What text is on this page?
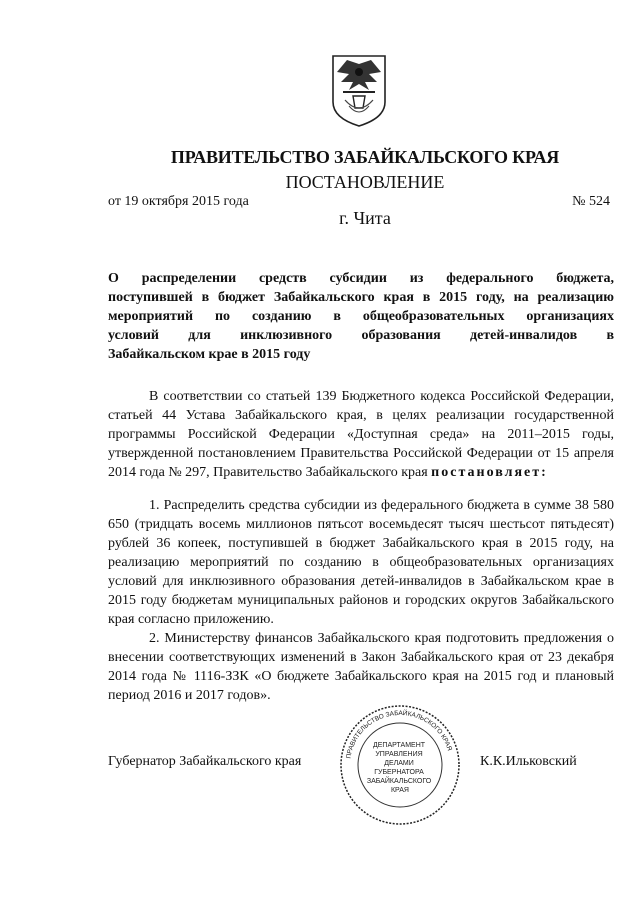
ПРАВИТЕЛЬСТВО ЗАБАЙКАЛЬСКОГО КРАЯ
ПОСТАНОВЛЕНИЕ
от 19 октября 2015 года	№ 524
г. Чита
О распределении средств субсидии из федерального бюджета,
поступившей в бюджет Забайкальского края в 2015 году, на реализацию
мероприятий по созданию в общеобразовательных организациях
условий для инклюзивного образования детей-инвалидов в
Забайкальском крае в 2015 году

В соответствии со статьей 139 Бюджетного кодекса Российской Федерации, статьей 44 Устава Забайкальского края, в целях реализации государственной программы Российской Федерации «Доступная среда» на 2011–2015 годы, утвержденной постановлением Правительства Российской Федерации от 15 апреля 2014 года № 297, Правительство Забайкальского края постановляет:

1. Распределить средства субсидии из федерального бюджета в сумме 38 580 650 (тридцать восемь миллионов пятьсот восемьдесят тысяч шестьсот пятьдесят) рублей 36 копеек, поступившей в бюджет Забайкальского края в 2015 году, на реализацию мероприятий по созданию в общеобразовательных организациях условий для инклюзивного образования детей-инвалидов в Забайкальском крае в 2015 году бюджетам муниципальных районов и городских округов Забайкальского края согласно приложению.

2. Министерству финансов Забайкальского края подготовить предложения о внесении соответствующих изменений в Закон Забайкальского края от 23 декабря 2014 года № 1116-ЗЗК «О бюджете Забайкальского края на 2015 год и плановый период 2016 и 2017 годов».

Губернатор Забайкальского края	К.К.Ильковский
ПРАВИТЕЛЬСТВО ЗАБАЙКАЛЬСКОГО КРАЯ
ДЕПАРТАМЕНТ УПРАВЛЕНИЯ ДЕЛАМИ ГУБЕРНАТОРА ЗАБАЙКАЛЬСКОГО КРАЯ
